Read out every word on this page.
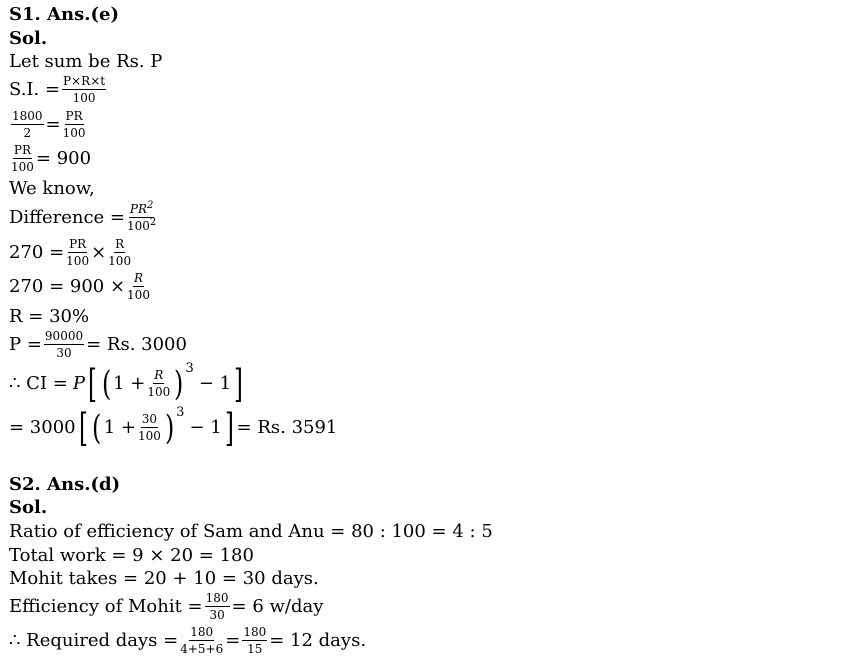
S1. Ans.(e)
Sol.
Let sum be Rs. P
S.I. = $\frac{P\times R\times t}{100}$
$\frac{1800}{2} = \frac{PR}{100}$
$\frac{PR}{100} = 900$
We know,
Difference = $\frac{PR^2}{100^2}$
$270 = \frac{PR}{100} \times \frac{R}{100}$
$270 = 900 \times \frac{R}{100}$
R = 30%
$P = \frac{90000}{30} = Rs$. 3000
∴ CI = P [ ( $1 + \frac{R}{100}$ ) 3
− 1 ]
= 3000 [ ( $1 + \frac{30}{100}$ ) 3
− 1 ] = Rs. 3591
S2. Ans.(d)
Sol.
Ratio of efficiency of Sam and Anu = 80 : 100 = 4 : 5
Total work = 9 × 20 = 180
Mohit takes = 20 + 10 = 30 days.
Efficiency of Mohit = $\frac{180}{30} = 6$ w/day
∴ Required days = $\frac{180}{4+5+6} = \frac{180}{15} = 12$ days.
